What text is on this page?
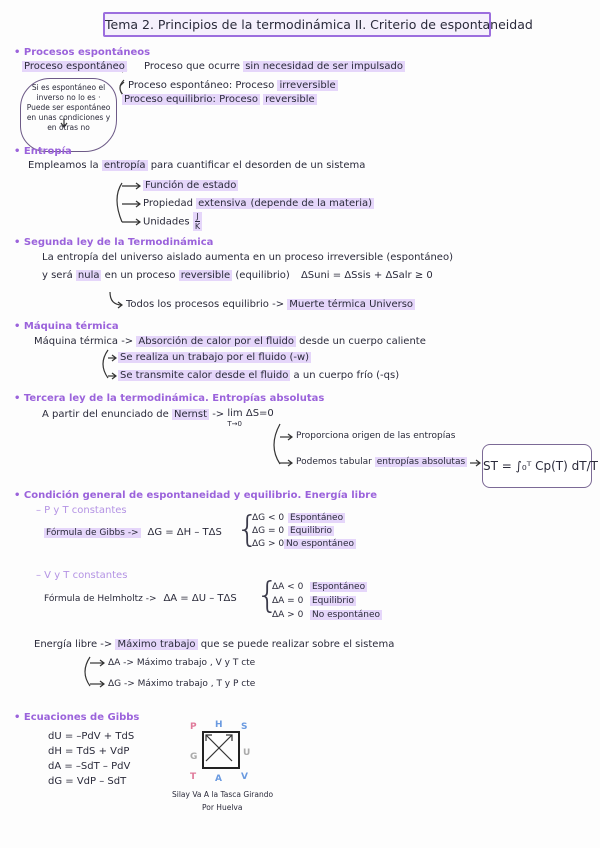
Tema 2. Principios de la termodinámica II. Criterio de espontaneidad
• Procesos espontáneos
Proceso espontáneo Proceso que ocurre sin necesidad de ser impulsado
Si es espontáneo el inverso no lo es · Puede ser espontáneo en unas condiciones y en otras no
Proceso espontáneo: Proceso irreversible
Proceso equilibrio: Proceso reversible
• Entropía
Empleamos la entropía para cuantificar el desorden de un sistema
Función de estado
Propiedad extensiva (depende de la materia)
Unidades $\frac{J}{K}$
• Segunda ley de la Termodinámica
La entropía del universo aislado aumenta en un proceso irreversible (espontáneo)
y será nula en un proceso reversible (equilibrio) ΔSuni = ΔSsis + ΔSalr ≥ 0
Todos los procesos equilibrio -> Muerte térmica Universo
• Máquina térmica
Máquina térmica -> Absorción de calor por el fluido desde un cuerpo caliente
Se realiza un trabajo por el fluido (-w)
Se transmite calor desde el fluido a un cuerpo frío (-qs)
• Tercera ley de la termodinámica. Entropías absolutas
A partir del enunciado de Nernst -> lim ΔS=0
T→0
Proporciona origen de las entropías
Podemos tabular entropías absolutas ST = ∫₀ᵀ Cp(T) dT/T
• Condición general de espontaneidad y equilibrio. Energía libre
– P y T constantes
Fórmula de Gibbs -> ΔG = ΔH – TΔS {
ΔG < 0 Espontáneo
ΔG = 0 Equilibrio
ΔG > 0 No espontáneo
– V y T constantes
Fórmula de Helmholtz -> ΔA = ΔU – TΔS {
ΔA < 0 Espontáneo
ΔA = 0 Equilibrio
ΔA > 0 No espontáneo
Energía libre -> Máximo trabajo que se puede realizar sobre el sistema
ΔA -> Máximo trabajo , V y T cte
ΔG -> Máximo trabajo , T y P cte
• Ecuaciones de Gibbs
dU = –PdV + TdS
dH = TdS + VdP
dA = –SdT – PdV
dG = VdP – SdT
P H S
G	U
T A V
Silay Va A la Tasca Girando
Por Huelva
